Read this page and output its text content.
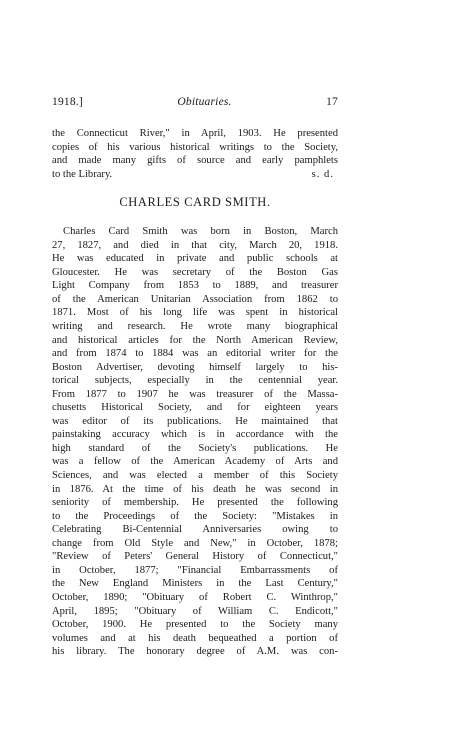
1918.]	Obituaries.	17
the Connecticut River," in April, 1903. He presented
copies of his various historical writings to the Society,
and made many gifts of source and early pamphlets
to the Library.	s. d.
CHARLES CARD SMITH.
Charles Card Smith was born in Boston, March
27, 1827, and died in that city, March 20, 1918.
He was educated in private and public schools at
Gloucester. He was secretary of the Boston Gas
Light Company from 1853 to 1889, and treasurer
of the American Unitarian Association from 1862 to
1871. Most of his long life was spent in historical
writing and research. He wrote many biographical
and historical articles for the North American Review,
and from 1874 to 1884 was an editorial writer for the
Boston Advertiser, devoting himself largely to his-
torical subjects, especially in the centennial year.
From 1877 to 1907 he was treasurer of the Massa-
chusetts Historical Society, and for eighteen years
was editor of its publications. He maintained that
painstaking accuracy which is in accordance with the
high standard of the Society's publications. He
was a fellow of the American Academy of Arts and
Sciences, and was elected a member of this Society
in 1876. At the time of his death he was second in
seniority of membership. He presented the following
to the Proceedings of the Society: "Mistakes in
Celebrating Bi-Centennial Anniversaries owing to
change from Old Style and New," in October, 1878;
"Review of Peters' General History of Connecticut,"
in October, 1877; "Financial Embarrassments of
the New England Ministers in the Last Century,"
October, 1890; "Obituary of Robert C. Winthrop,"
April, 1895; "Obituary of William C. Endicott,"
October, 1900. He presented to the Society many
volumes and at his death bequeathed a portion of
his library. The honorary degree of A.M. was con-
